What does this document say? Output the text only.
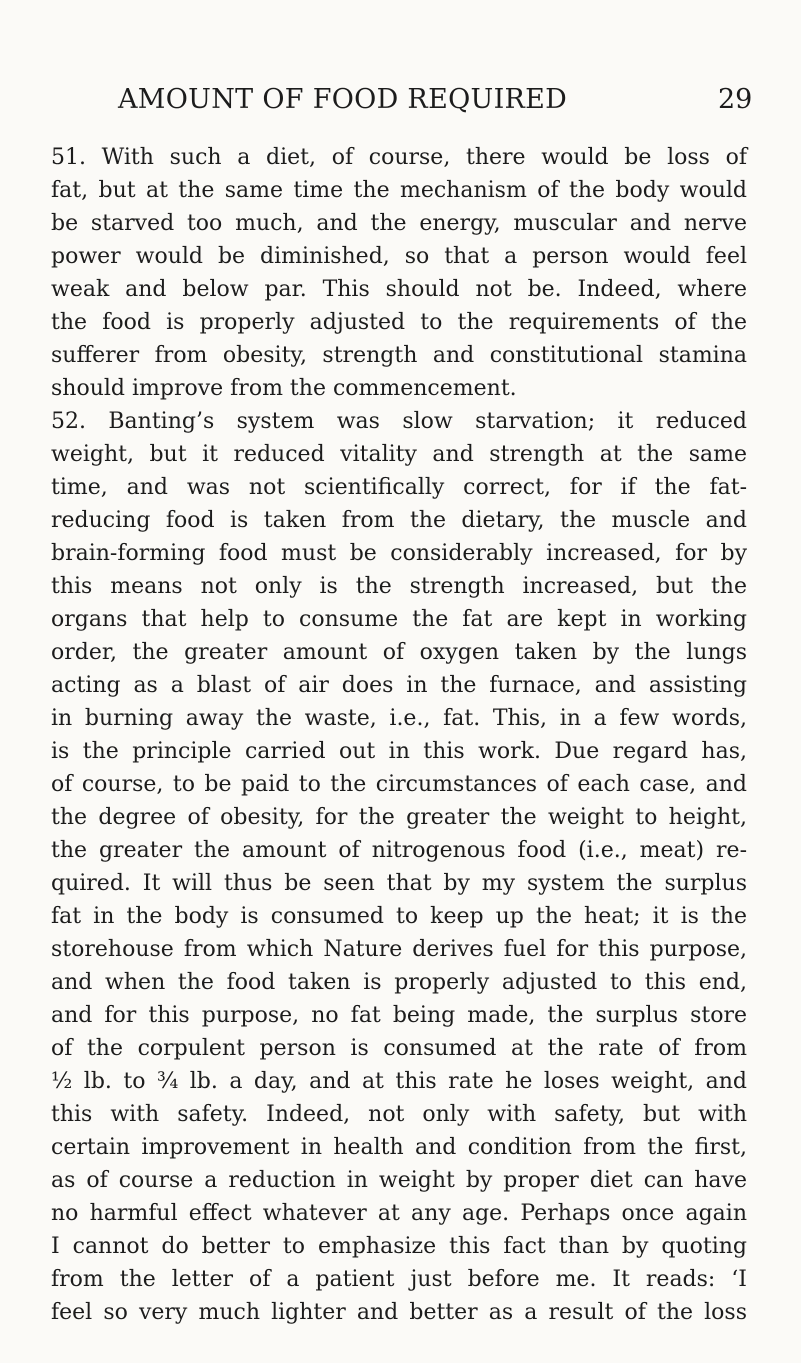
AMOUNT OF FOOD REQUIRED	29
51. With such a diet, of course, there would be loss of
fat, but at the same time the mechanism of the body would
be starved too much, and the energy, muscular and nerve
power would be diminished, so that a person would feel
weak and below par. This should not be. Indeed, where
the food is properly adjusted to the requirements of the
sufferer from obesity, strength and constitutional stamina
should improve from the commencement.
52. Banting’s system was slow starvation; it reduced
weight, but it reduced vitality and strength at the same
time, and was not scientifically correct, for if the fat-
reducing food is taken from the dietary, the muscle and
brain-forming food must be considerably increased, for by
this means not only is the strength increased, but the
organs that help to consume the fat are kept in working
order, the greater amount of oxygen taken by the lungs
acting as a blast of air does in the furnace, and assisting
in burning away the waste, i.e., fat. This, in a few words,
is the principle carried out in this work. Due regard has,
of course, to be paid to the circumstances of each case, and
the degree of obesity, for the greater the weight to height,
the greater the amount of nitrogenous food (i.e., meat) re-
quired. It will thus be seen that by my system the surplus
fat in the body is consumed to keep up the heat; it is the
storehouse from which Nature derives fuel for this purpose,
and when the food taken is properly adjusted to this end,
and for this purpose, no fat being made, the surplus store
of the corpulent person is consumed at the rate of from
½ lb. to ¾ lb. a day, and at this rate he loses weight, and
this with safety. Indeed, not only with safety, but with
certain improvement in health and condition from the first,
as of course a reduction in weight by proper diet can have
no harmful effect whatever at any age. Perhaps once again
I cannot do better to emphasize this fact than by quoting
from the letter of a patient just before me. It reads: ‘I
feel so very much lighter and better as a result of the loss
